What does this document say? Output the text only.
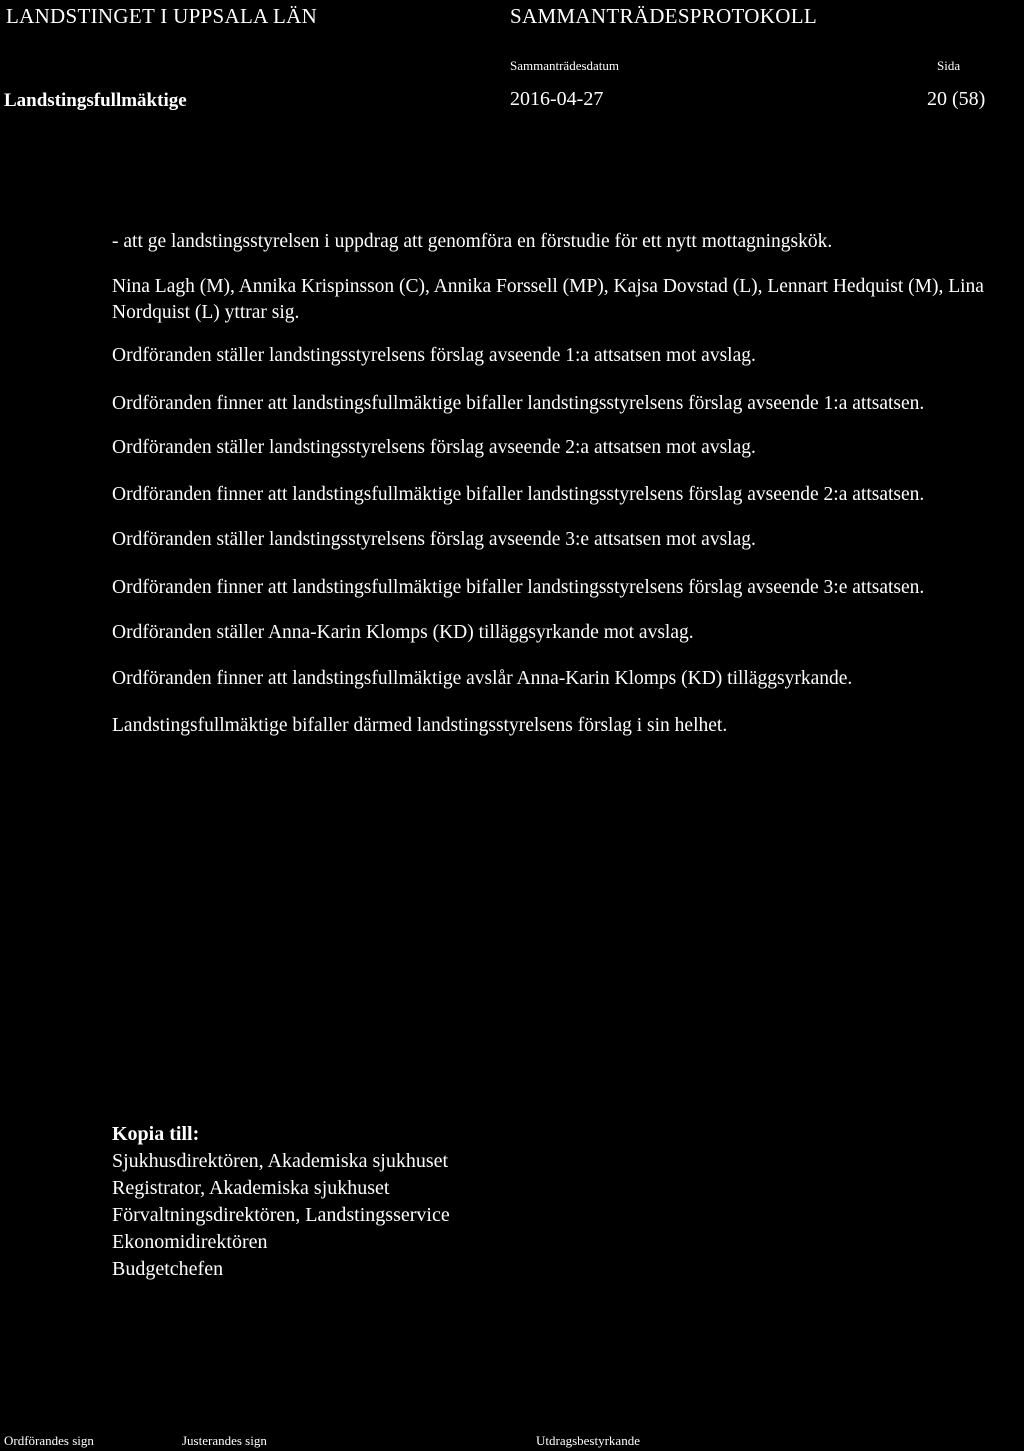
LANDSTINGET I UPPSALA LÄN	SAMMANTRÄDESPROTOKOLL
Sammanträdesdatum	Sida
Landstingsfullmäktige	2016-04-27	20 (58)

- att ge landstingsstyrelsen i uppdrag att genomföra en förstudie för ett nytt mottagningskök.

Nina Lagh (M), Annika Krispinsson (C), Annika Forssell (MP), Kajsa Dovstad (L), Lennart Hedquist (M), Lina Nordquist (L) yttrar sig.

Ordföranden ställer landstingsstyrelsens förslag avseende 1:a attsatsen mot avslag.

Ordföranden finner att landstingsfullmäktige bifaller landstingsstyrelsens förslag avseende 1:a attsatsen.

Ordföranden ställer landstingsstyrelsens förslag avseende 2:a attsatsen mot avslag.

Ordföranden finner att landstingsfullmäktige bifaller landstingsstyrelsens förslag avseende 2:a attsatsen.

Ordföranden ställer landstingsstyrelsens förslag avseende 3:e attsatsen mot avslag.

Ordföranden finner att landstingsfullmäktige bifaller landstingsstyrelsens förslag avseende 3:e attsatsen.

Ordföranden ställer Anna-Karin Klomps (KD) tilläggsyrkande mot avslag.

Ordföranden finner att landstingsfullmäktige avslår Anna-Karin Klomps (KD) tilläggsyrkande.

Landstingsfullmäktige bifaller därmed landstingsstyrelsens förslag i sin helhet.

Kopia till:

Sjukhusdirektören, Akademiska sjukhuset
Registrator, Akademiska sjukhuset
Förvaltningsdirektören, Landstingsservice
Ekonomidirektören
Budgetchefen
Ordförandes sign	Justerandes sign	Utdragsbestyrkande
